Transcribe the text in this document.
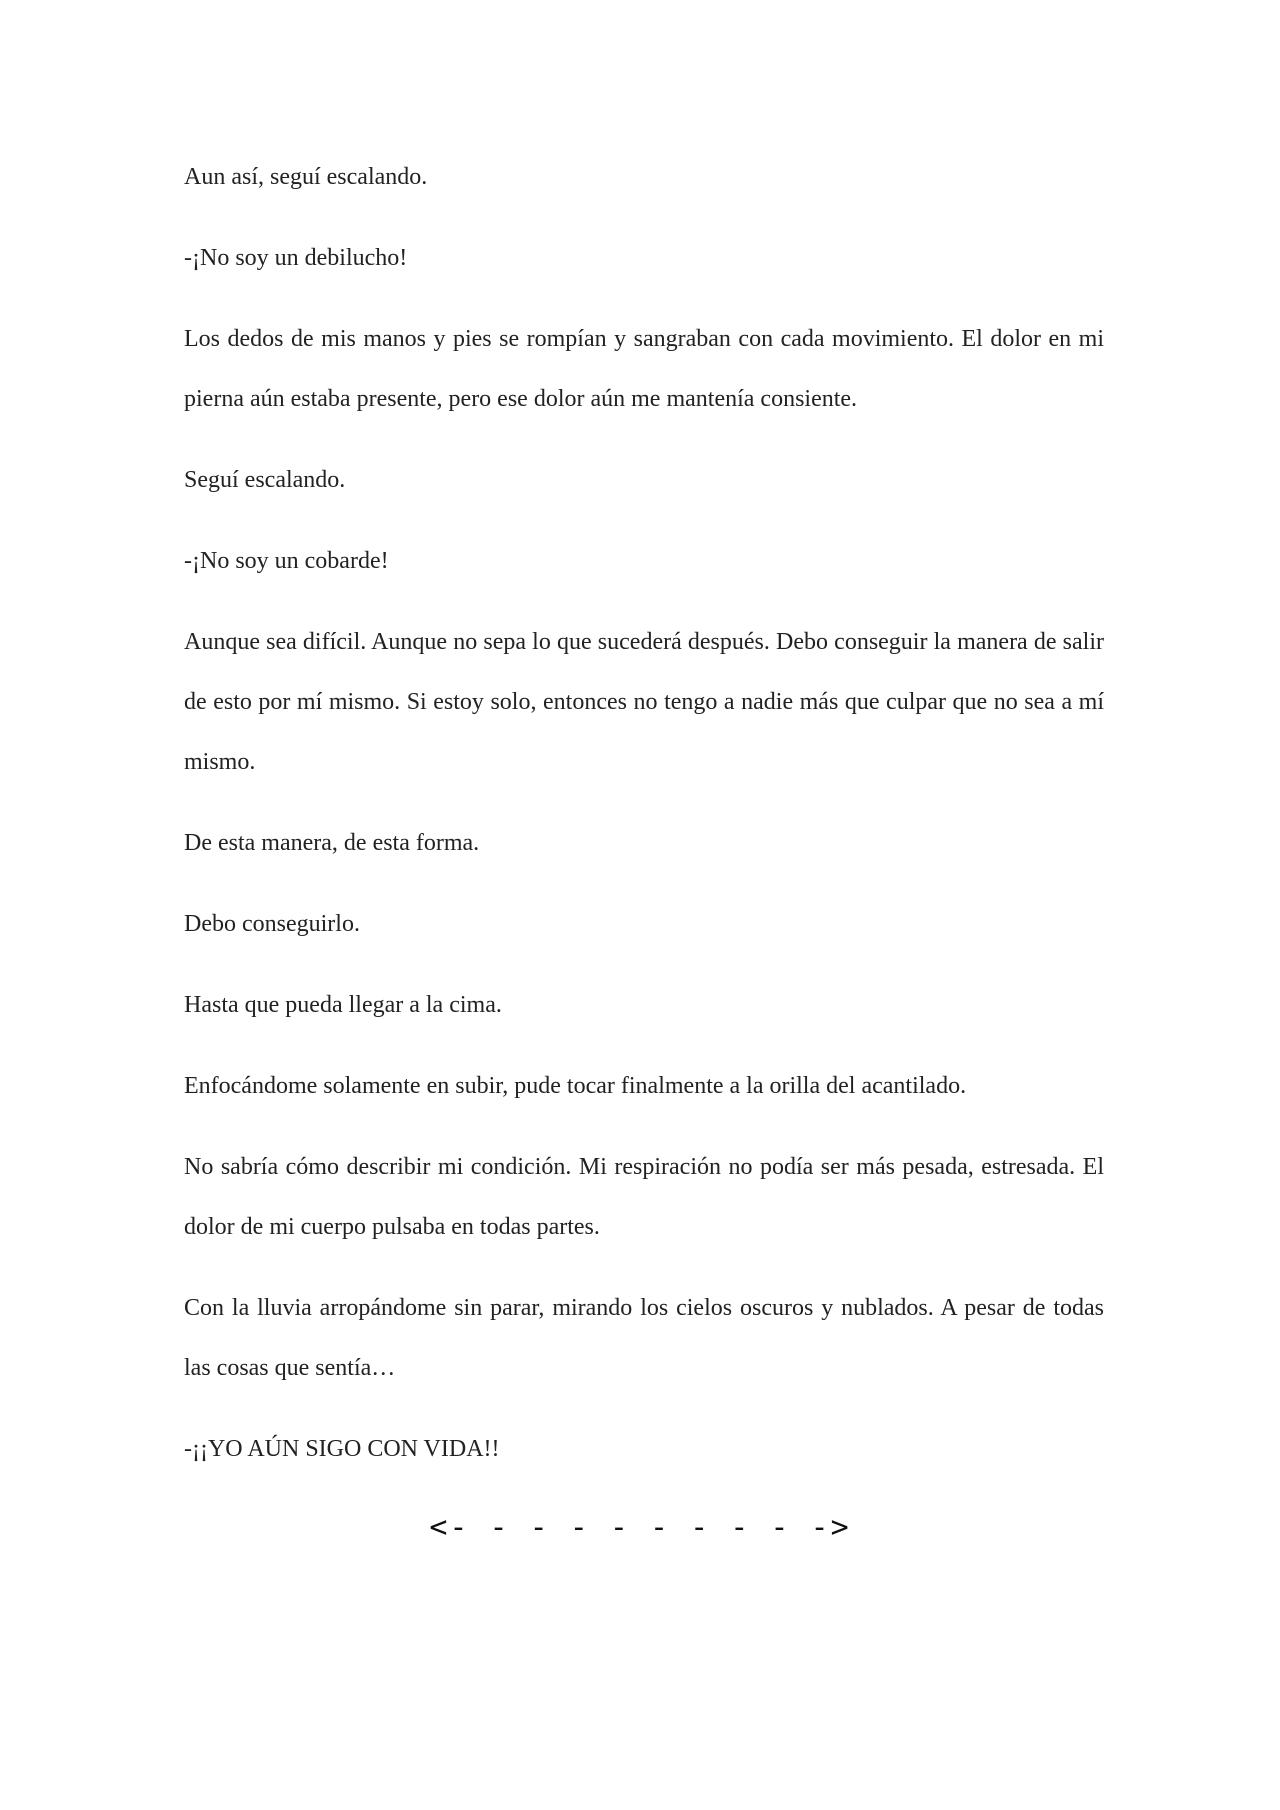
Aun así, seguí escalando.

-¡No soy un debilucho!

Los dedos de mis manos y pies se rompían y sangraban con cada movimiento. El dolor en mi pierna aún estaba presente, pero ese dolor aún me mantenía consiente.

Seguí escalando.

-¡No soy un cobarde!

Aunque sea difícil. Aunque no sepa lo que sucederá después. Debo conseguir la manera de salir de esto por mí mismo. Si estoy solo, entonces no tengo a nadie más que culpar que no sea a mí mismo.

De esta manera, de esta forma.

Debo conseguirlo.

Hasta que pueda llegar a la cima.

Enfocándome solamente en subir, pude tocar finalmente a la orilla del acantilado.

No sabría cómo describir mi condición. Mi respiración no podía ser más pesada, estresada. El dolor de mi cuerpo pulsaba en todas partes.

Con la lluvia arropándome sin parar, mirando los cielos oscuros y nublados. A pesar de todas las cosas que sentía…

-¡¡YO AÚN SIGO CON VIDA!!

<- - - - - - - - - ->
